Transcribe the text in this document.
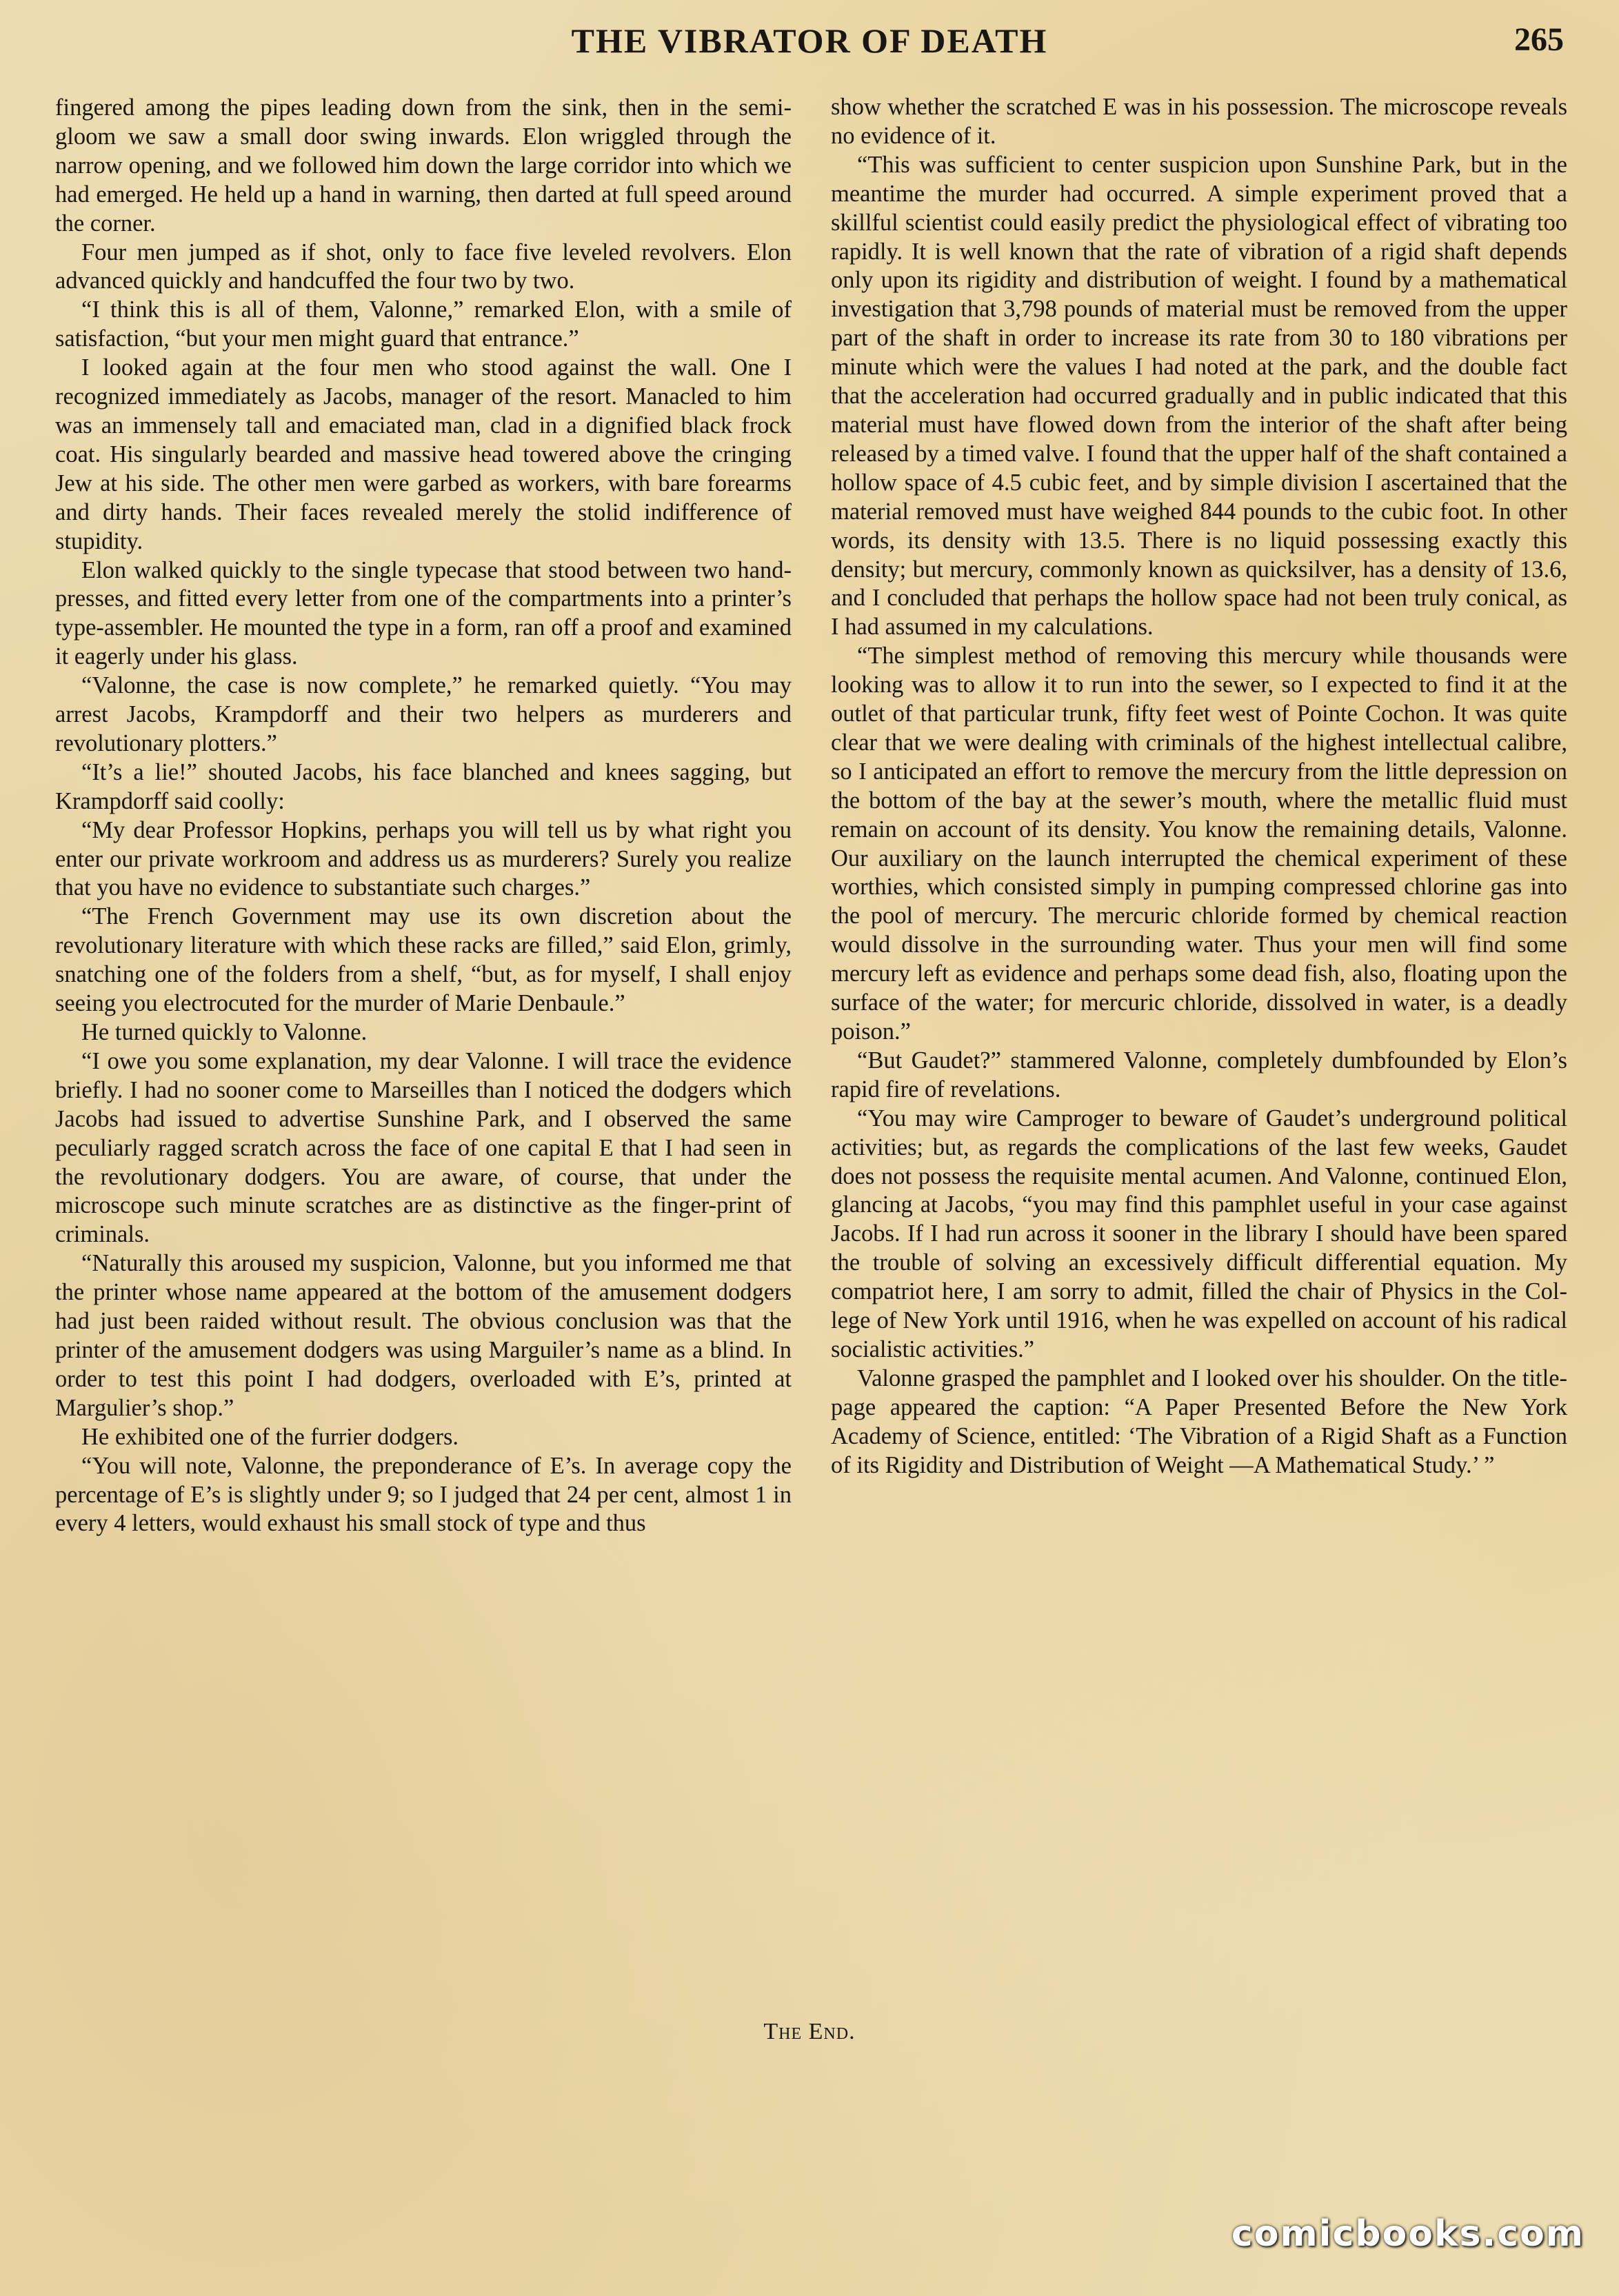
THE VIBRATOR OF DEATH	265

fingered among the pipes leading down from the sink, then in the semi-gloom we saw a small door swing inwards. Elon wriggled through the narrow opening, and we followed him down the large corridor into which we had emerged. He held up a hand in warning, then darted at full speed around the corner.

Four men jumped as if shot, only to face five leveled revolvers. Elon advanced quickly and handcuffed the four two by two.

“I think this is all of them, Valonne,” remarked Elon, with a smile of satisfaction, “but your men might guard that entrance.”

I looked again at the four men who stood against the wall. One I recognized immediately as Jacobs, manager of the resort. Manacled to him was an immensely tall and emaciated man, clad in a dignified black frock coat. His singularly bearded and massive head towered above the cringing Jew at his side. The other men were garbed as workers, with bare forearms and dirty hands. Their faces revealed merely the stolid indifference of stupidity.

Elon walked quickly to the single typecase that stood between two hand-presses, and fitted every letter from one of the compartments into a printer’s type-assembler. He mounted the type in a form, ran off a proof and examined it eagerly under his glass.

“Valonne, the case is now complete,” he remarked quietly. “You may arrest Jacobs, Krampdorff and their two helpers as murderers and revolutionary plotters.”

“It’s a lie!” shouted Jacobs, his face blanched and knees sagging, but Krampdorff said coolly:

“My dear Professor Hopkins, perhaps you will tell us by what right you enter our private workroom and address us as murderers? Surely you realize that you have no evidence to substantiate such charges.”

“The French Government may use its own discretion about the revolutionary literature with which these racks are filled,” said Elon, grimly, snatching one of the folders from a shelf, “but, as for myself, I shall enjoy seeing you electrocuted for the murder of Marie Denbaule.”

He turned quickly to Valonne.

“I owe you some explanation, my dear Valonne. I will trace the evidence briefly. I had no sooner come to Marseilles than I noticed the dodgers which Jacobs had issued to advertise Sunshine Park, and I observed the same peculiarly ragged scratch across the face of one capital E that I had seen in the revolutionary dodgers. You are aware, of course, that under the microscope such minute scratches are as distinctive as the finger-print of criminals.

“Naturally this aroused my suspicion, Valonne, but you informed me that the printer whose name appeared at the bottom of the amusement dodgers had just been raided without result. The obvious conclusion was that the printer of the amusement dodgers was using Marguiler’s name as a blind. In order to test this point I had dodgers, overloaded with E’s, printed at Margulier’s shop.”

He exhibited one of the furrier dodgers.

“You will note, Valonne, the preponderance of E’s. In average copy the percentage of E’s is slightly under 9; so I judged that 24 per cent, almost 1 in every 4 letters, would exhaust his small stock of type and thus

show whether the scratched E was in his possession. The microscope reveals no evidence of it.

“This was sufficient to center suspicion upon Sunshine Park, but in the meantime the murder had occurred. A simple experiment proved that a skillful scientist could easily predict the physiological effect of vibrating too rapidly. It is well known that the rate of vibration of a rigid shaft depends only upon its rigidity and distribution of weight. I found by a mathematical investigation that 3,798 pounds of material must be removed from the upper part of the shaft in order to increase its rate from 30 to 180 vibrations per minute which were the values I had noted at the park, and the double fact that the acceleration had occurred gradually and in public indicated that this material must have flowed down from the interior of the shaft after being released by a timed valve. I found that the upper half of the shaft contained a hollow space of 4.5 cubic feet, and by simple division I ascertained that the material removed must have weighed 844 pounds to the cubic foot. In other words, its density with 13.5. There is no liquid possessing exactly this density; but mercury, commonly known as quicksilver, has a density of 13.6, and I concluded that perhaps the hollow space had not been truly conical, as I had assumed in my calculations.

“The simplest method of removing this mercury while thousands were looking was to allow it to run into the sewer, so I expected to find it at the outlet of that particular trunk, fifty feet west of Pointe Cochon. It was quite clear that we were dealing with criminals of the highest intellectual calibre, so I anticipated an effort to remove the mercury from the little depression on the bottom of the bay at the sewer’s mouth, where the metallic fluid must remain on account of its density. You know the remaining details, Valonne. Our auxiliary on the launch interrupted the chemical experiment of these worthies, which consisted simply in pumping compressed chlorine gas into the pool of mercury. The mercuric chloride formed by chemical reaction would dissolve in the surrounding water. Thus your men will find some mercury left as evidence and perhaps some dead fish, also, floating upon the surface of the water; for mercuric chloride, dissolved in water, is a deadly poison.”

“But Gaudet?” stammered Valonne, completely dumbfounded by Elon’s rapid fire of revelations.

“You may wire Camproger to beware of Gaudet’s underground political activities; but, as regards the complications of the last few weeks, Gaudet does not possess the requisite mental acumen. And Valonne, continued Elon, glancing at Jacobs, “you may find this pamphlet useful in your case against Jacobs. If I had run across it sooner in the library I should have been spared the trouble of solving an excessively difficult differential equation. My compatriot here, I am sorry to admit, filled the chair of Physics in the College of New York until 1916, when he was expelled on account of his radical socialistic activities.”

Valonne grasped the pamphlet and I looked over his shoulder. On the title-page appeared the caption: “A Paper Presented Before the New York Academy of Science, entitled: ‘The Vibration of a Rigid Shaft as a Function of its Rigidity and Distribution of Weight —A Mathematical Study.’ ”

The End.
comicbooks.com
